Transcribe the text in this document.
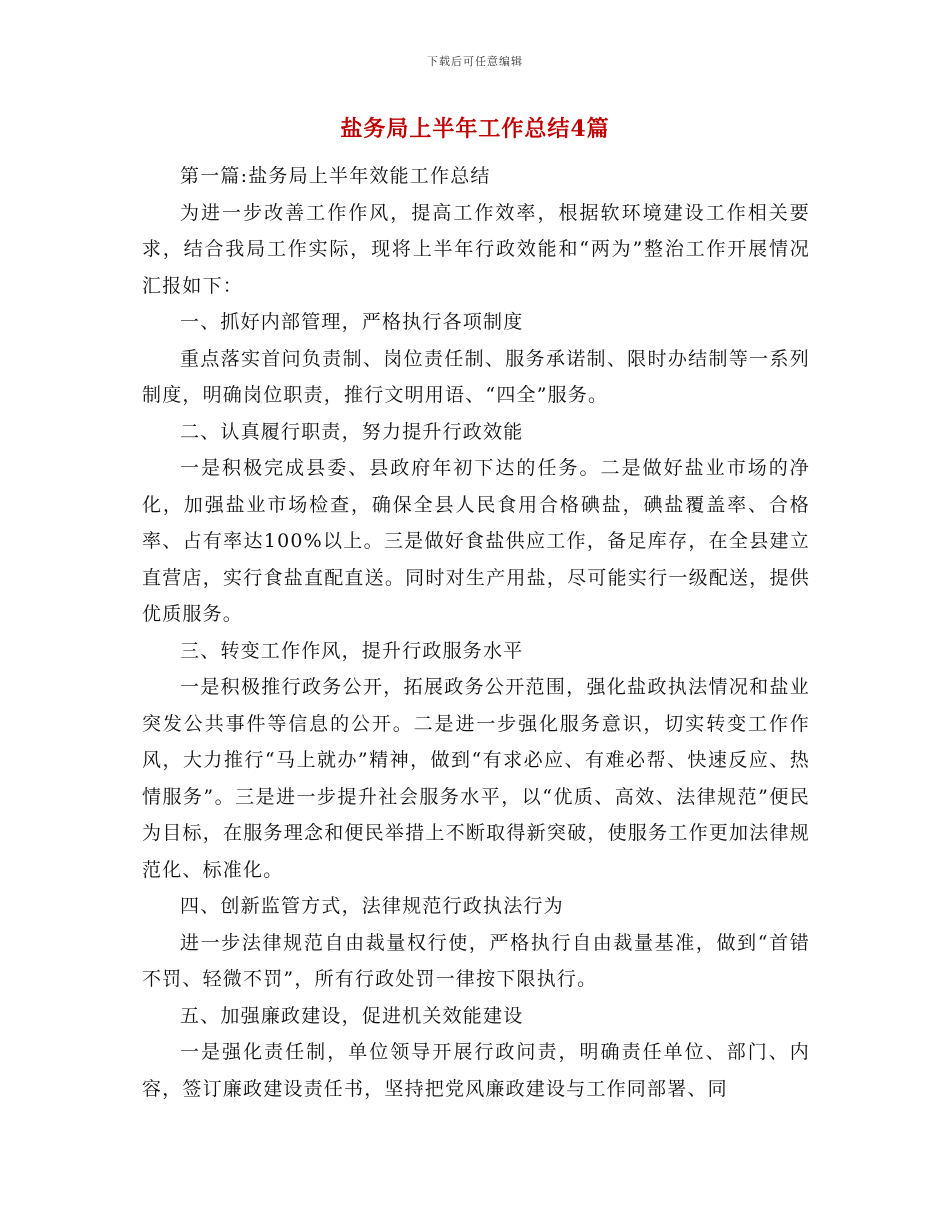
下载后可任意编辑
盐务局上半年工作总结4篇

第一篇:盐务局上半年效能工作总结

为进一步改善工作作风，提高工作效率，根据软环境建设工作相关要求，结合我局工作实际，现将上半年行政效能和“两为”整治工作开展情况汇报如下：

一、抓好内部管理，严格执行各项制度

重点落实首问负责制、岗位责任制、服务承诺制、限时办结制等一系列制度，明确岗位职责，推行文明用语、“四全”服务。

二、认真履行职责，努力提升行政效能

一是积极完成县委、县政府年初下达的任务。二是做好盐业市场的净化，加强盐业市场检查，确保全县人民食用合格碘盐，碘盐覆盖率、合格率、占有率达100%以上。三是做好食盐供应工作，备足库存，在全县建立直营店，实行食盐直配直送。同时对生产用盐，尽可能实行一级配送，提供优质服务。

三、转变工作作风，提升行政服务水平

一是积极推行政务公开，拓展政务公开范围，强化盐政执法情况和盐业突发公共事件等信息的公开。二是进一步强化服务意识，切实转变工作作风，大力推行“马上就办”精神，做到“有求必应、有难必帮、快速反应、热情服务”。三是进一步提升社会服务水平，以“优质、高效、法律规范”便民为目标，在服务理念和便民举措上不断取得新突破，使服务工作更加法律规范化、标准化。

四、创新监管方式，法律规范行政执法行为

进一步法律规范自由裁量权行使，严格执行自由裁量基准，做到“首错不罚、轻微不罚”，所有行政处罚一律按下限执行。

五、加强廉政建设，促进机关效能建设

一是强化责任制，单位领导开展行政问责，明确责任单位、部门、内容，签订廉政建设责任书，坚持把党风廉政建设与工作同部署、同
